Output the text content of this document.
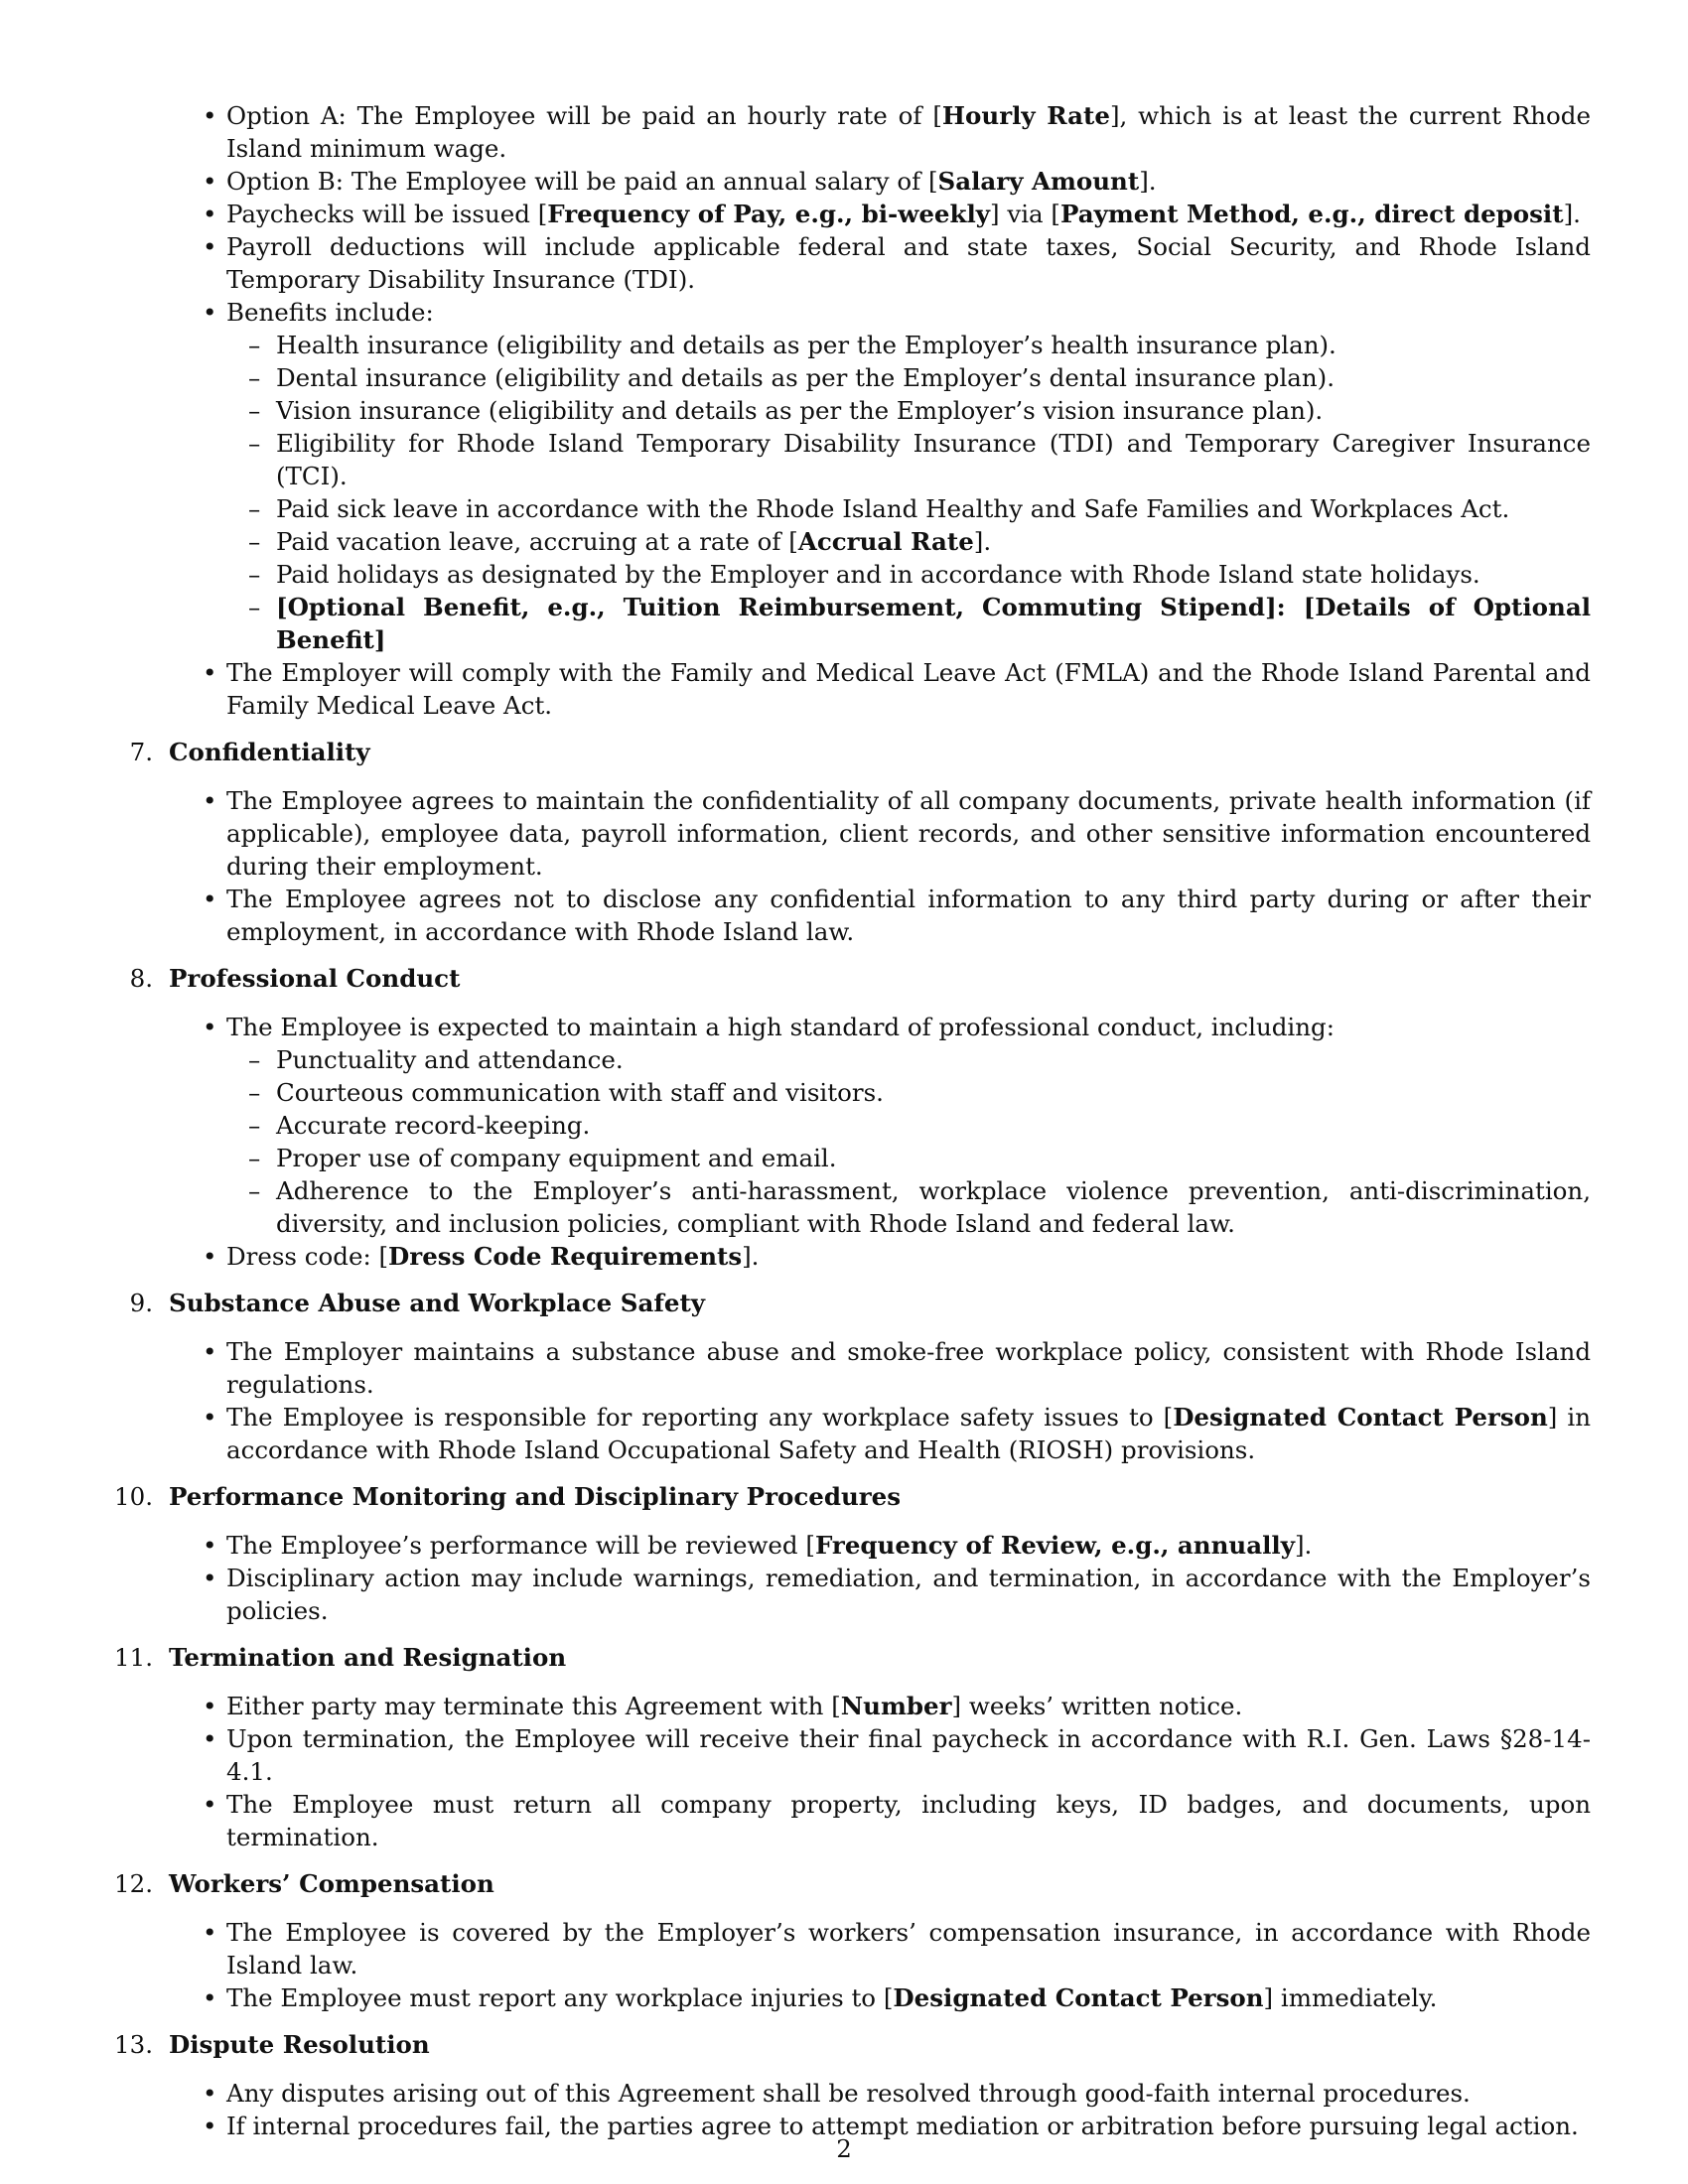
• Option A: The Employee will be paid an hourly rate of [Hourly Rate], which is at least the current Rhode Island minimum wage.
• Option B: The Employee will be paid an annual salary of [Salary Amount].
• Paychecks will be issued [Frequency of Pay, e.g., bi-weekly] via [Payment Method, e.g., direct deposit].
• Payroll deductions will include applicable federal and state taxes, Social Security, and Rhode Island Temporary Disability Insurance (TDI).
• Benefits include:
– Health insurance (eligibility and details as per the Employer’s health insurance plan).
– Dental insurance (eligibility and details as per the Employer’s dental insurance plan).
– Vision insurance (eligibility and details as per the Employer’s vision insurance plan).
– Eligibility for Rhode Island Temporary Disability Insurance (TDI) and Temporary Caregiver Insurance (TCI).
– Paid sick leave in accordance with the Rhode Island Healthy and Safe Families and Workplaces Act.
– Paid vacation leave, accruing at a rate of [Accrual Rate].
– Paid holidays as designated by the Employer and in accordance with Rhode Island state holidays.
– [Optional Benefit, e.g., Tuition Reimbursement, Commuting Stipend]: [Details of Optional Benefit]
• The Employer will comply with the Family and Medical Leave Act (FMLA) and the Rhode Island Parental and Family Medical Leave Act.
7. Confidentiality
• The Employee agrees to maintain the confidentiality of all company documents, private health information (if applicable), employee data, payroll information, client records, and other sensitive information encountered during their employment.
• The Employee agrees not to disclose any confidential information to any third party during or after their employment, in accordance with Rhode Island law.
8. Professional Conduct
• The Employee is expected to maintain a high standard of professional conduct, including:
– Punctuality and attendance.
– Courteous communication with staff and visitors.
– Accurate record-keeping.
– Proper use of company equipment and email.
– Adherence to the Employer’s anti-harassment, workplace violence prevention, anti-discrimination, diversity, and inclusion policies, compliant with Rhode Island and federal law.
• Dress code: [Dress Code Requirements].
9. Substance Abuse and Workplace Safety
• The Employer maintains a substance abuse and smoke-free workplace policy, consistent with Rhode Island regulations.
• The Employee is responsible for reporting any workplace safety issues to [Designated Contact Person] in accordance with Rhode Island Occupational Safety and Health (RIOSH) provisions.
10. Performance Monitoring and Disciplinary Procedures
• The Employee’s performance will be reviewed [Frequency of Review, e.g., annually].
• Disciplinary action may include warnings, remediation, and termination, in accordance with the Employer’s policies.
11. Termination and Resignation
• Either party may terminate this Agreement with [Number] weeks’ written notice.
• Upon termination, the Employee will receive their final paycheck in accordance with R.I. Gen. Laws §28-14-4.1.
• The Employee must return all company property, including keys, ID badges, and documents, upon termination.
12. Workers’ Compensation
• The Employee is covered by the Employer’s workers’ compensation insurance, in accordance with Rhode Island law.
• The Employee must report any workplace injuries to [Designated Contact Person] immediately.
13. Dispute Resolution
• Any disputes arising out of this Agreement shall be resolved through good-faith internal procedures.
• If internal procedures fail, the parties agree to attempt mediation or arbitration before pursuing legal action.
2
